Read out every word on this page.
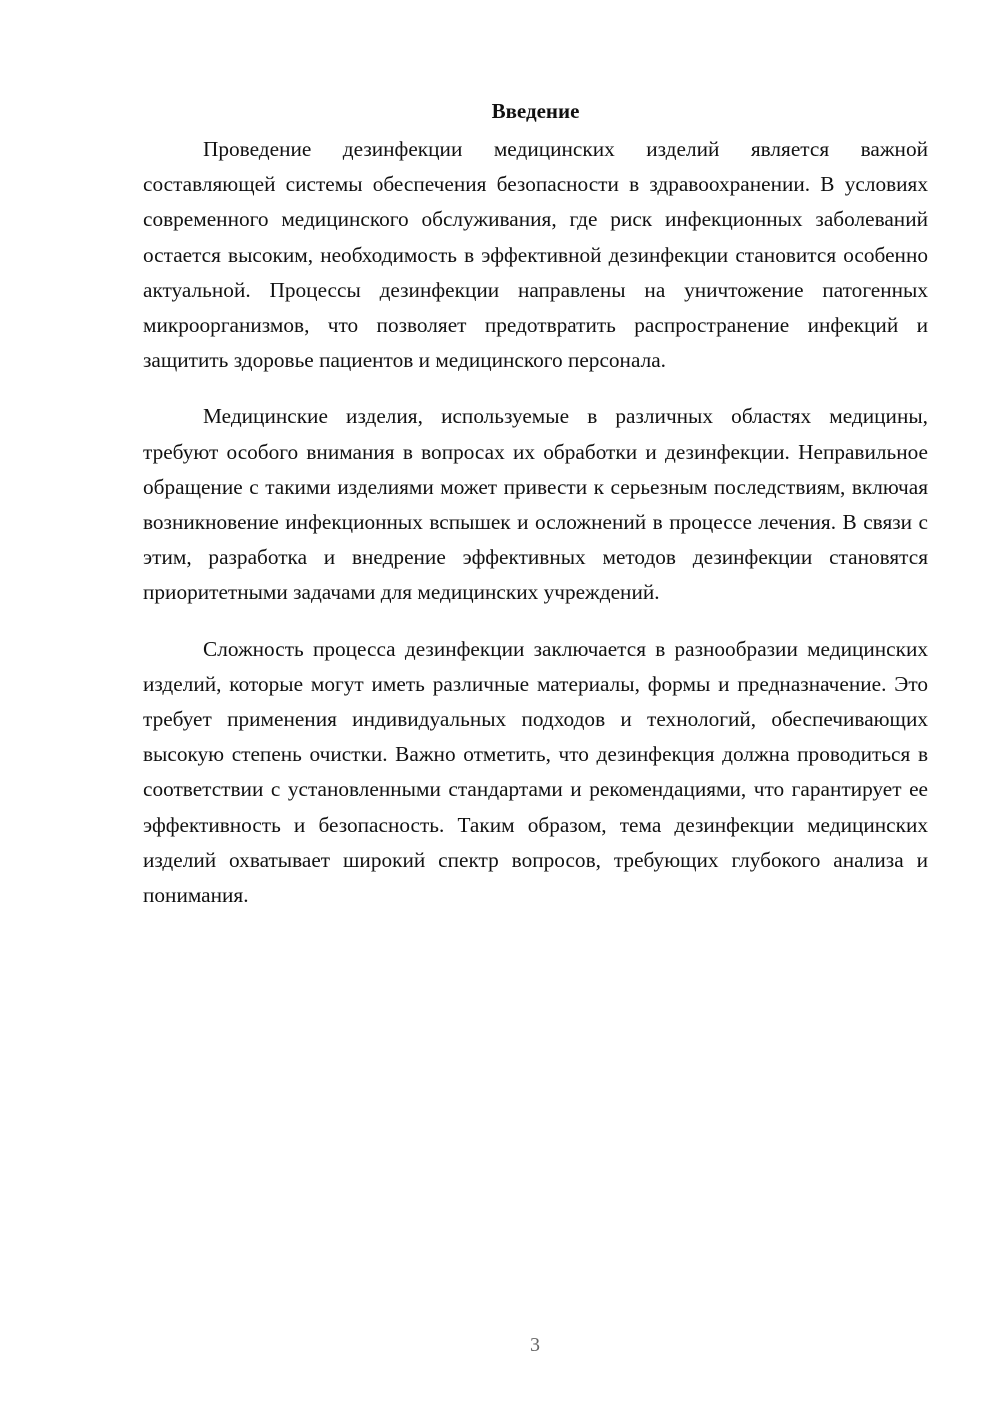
Введение

Проведение дезинфекции медицинских изделий является важной составляющей системы обеспечения безопасности в здравоохранении. В условиях современного медицинского обслуживания, где риск инфекционных заболеваний остается высоким, необходимость в эффективной дезинфекции становится особенно актуальной. Процессы дезинфекции направлены на уничтожение патогенных микроорганизмов, что позволяет предотвратить распространение инфекций и защитить здоровье пациентов и медицинского персонала.

Медицинские изделия, используемые в различных областях медицины, требуют особого внимания в вопросах их обработки и дезинфекции. Неправильное обращение с такими изделиями может привести к серьезным последствиям, включая возникновение инфекционных вспышек и осложнений в процессе лечения. В связи с этим, разработка и внедрение эффективных методов дезинфекции становятся приоритетными задачами для медицинских учреждений.

Сложность процесса дезинфекции заключается в разнообразии медицинских изделий, которые могут иметь различные материалы, формы и предназначение. Это требует применения индивидуальных подходов и технологий, обеспечивающих высокую степень очистки. Важно отметить, что дезинфекция должна проводиться в соответствии с установленными стандартами и рекомендациями, что гарантирует ее эффективность и безопасность. Таким образом, тема дезинфекции медицинских изделий охватывает широкий спектр вопросов, требующих глубокого анализа и понимания.

3
